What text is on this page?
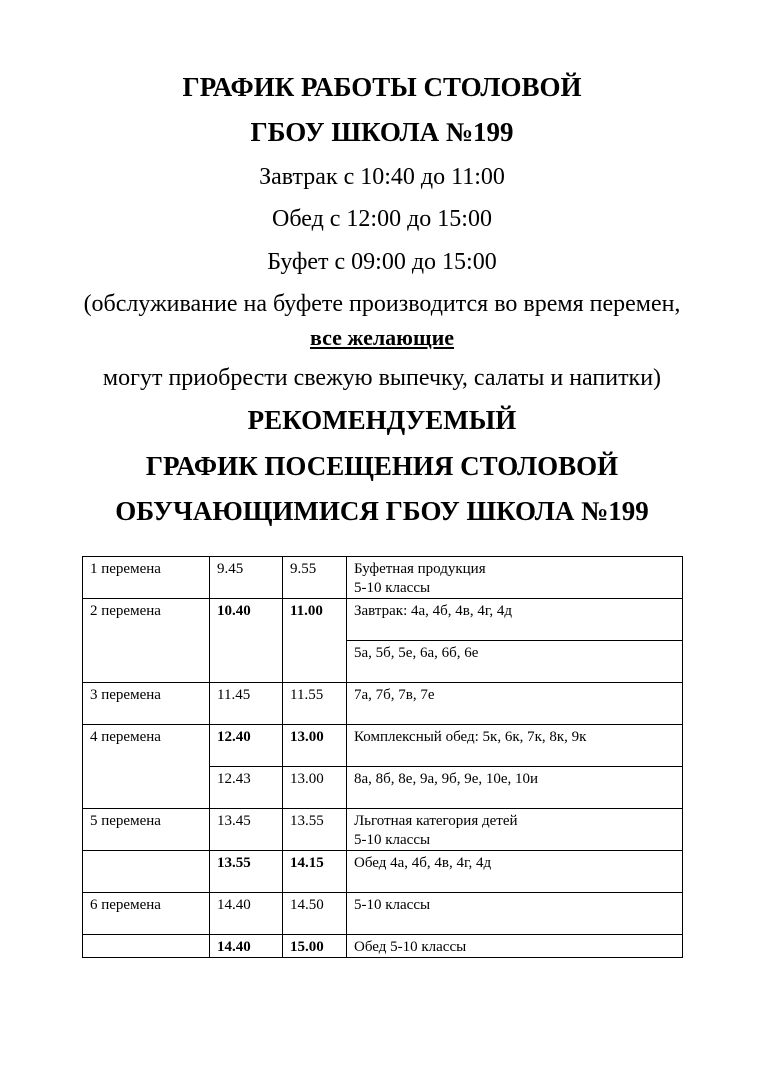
ГРАФИК РАБОТЫ СТОЛОВОЙ
ГБОУ ШКОЛА №199
Завтрак с 10:40 до 11:00
Обед с 12:00 до 15:00
Буфет с 09:00 до 15:00
(обслуживание на буфете производится во время перемен,
все желающие
могут приобрести свежую выпечку, салаты и напитки)
РЕКОМЕНДУЕМЫЙ
ГРАФИК ПОСЕЩЕНИЯ СТОЛОВОЙ
ОБУЧАЮЩИМИСЯ ГБОУ ШКОЛА №199
1 перемена	9.45	9.55	Буфетная продукция
5-10 классы

2 перемена	10.40	11.00	Завтрак: 4а, 4б, 4в, 4г, 4д

			5а, 5б, 5е, 6а, 6б, 6е

3 перемена	11.45	11.55	7а, 7б, 7в, 7е

4 перемена	12.40	13.00	Комплексный обед: 5к, 6к, 7к, 8к, 9к

	12.43	13.00	8а, 8б, 8е, 9а, 9б, 9е, 10е, 10и

5 перемена	13.45	13.55	Льготная категория детей
5-10 классы

	13.55	14.15	Обед 4а, 4б, 4в, 4г, 4д

6 перемена	14.40	14.50	5-10 классы

	14.40	15.00	Обед 5-10 классы
